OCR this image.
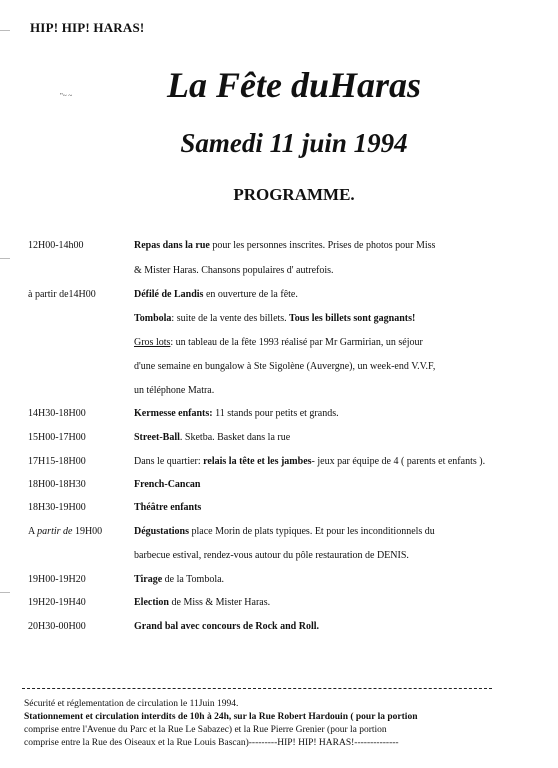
HIP! HIP! HARAS!
"~ ~	La Fête duHaras
Samedi 11 juin 1994
PROGRAMME.
12H00-14h00	Repas dans la rue pour les personnes inscrites. Prises de photos pour Miss
& Mister Haras. Chansons populaires d' autrefois.
à partir de14H00	Défilé de Landis en ouverture de la fête.
Tombola: suite de la vente des billets. Tous les billets sont gagnants!
Gros lots: un tableau de la fête 1993 réalisé par Mr Garmirian, un séjour
d'une semaine en bungalow à Ste Sigolène (Auvergne), un week-end V.V.F,
un téléphone Matra.
14H30-18H00	Kermesse enfants: 11 stands pour petits et grands.
15H00-17H00	Street-Ball. Sketba. Basket dans la rue
17H15-18H00	Dans le quartier: relais la tête et les jambes- jeux par équipe de 4 ( parents et enfants ).
18H00-18H30	French-Cancan
18H30-19H00	Théâtre enfants
A partir de 19H00	Dégustations place Morin de plats typiques. Et pour les inconditionnels du
barbecue estival, rendez-vous autour du pôle restauration de DENIS.
19H00-19H20	Tirage de la Tombola.
19H20-19H40	Election de Miss & Mister Haras.
20H30-00H00	Grand bal avec concours de Rock and Roll.
Sécurité et réglementation de circulation le 11Juin 1994.
Stationnement et circulation interdits de 10h à 24h, sur la Rue Robert Hardouin ( pour la portion
comprise entre l'Avenue du Parc et la Rue Le Sabazec) et la Rue Pierre Grenier (pour la portion
comprise entre la Rue des Oiseaux et la Rue Louis Bascan)---------HIP! HIP! HARAS!--------------
